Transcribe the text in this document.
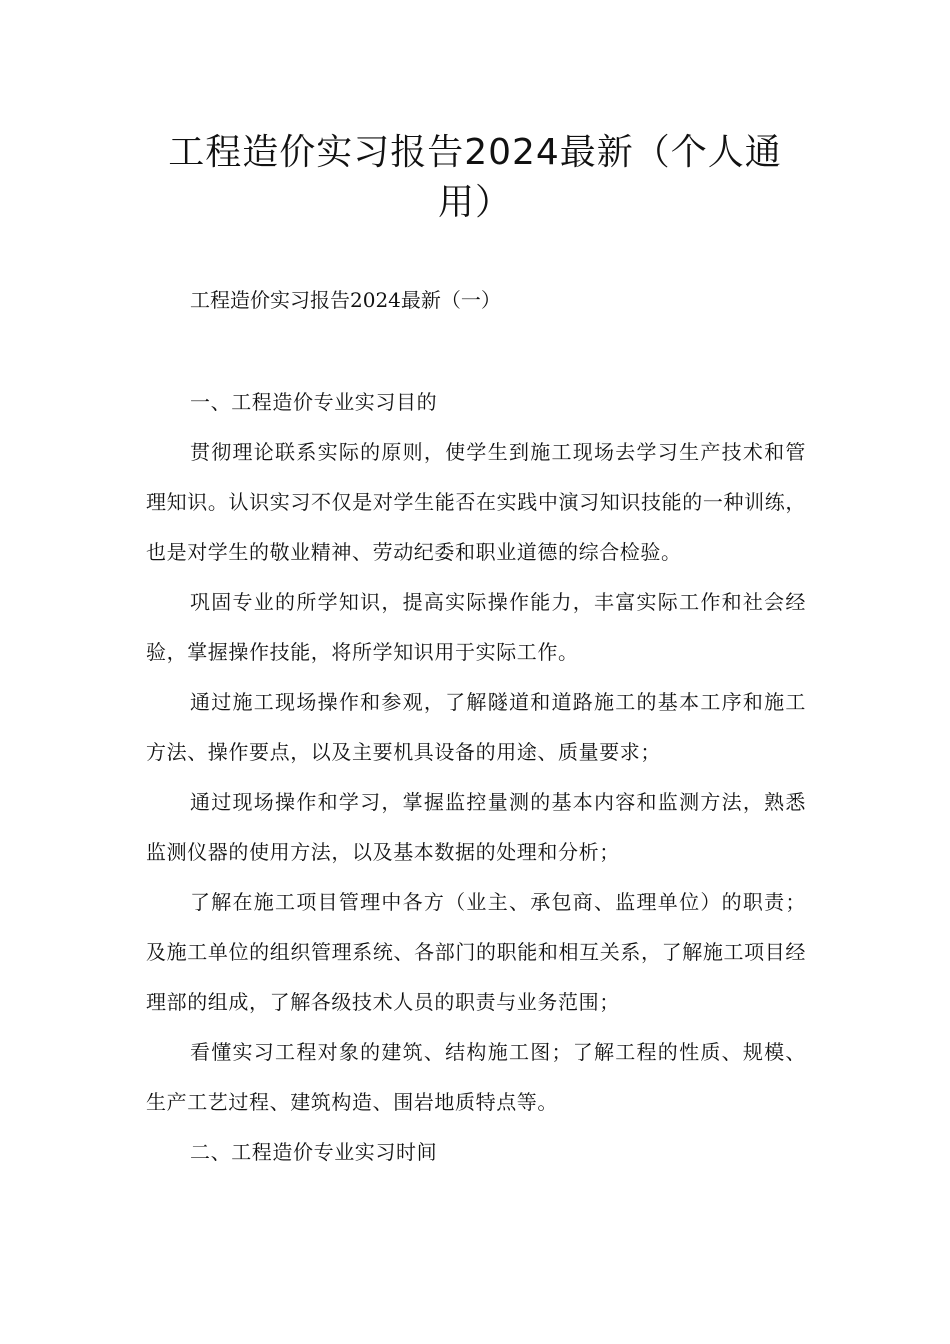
工程造价实习报告2024最新（个人通用）

工程造价实习报告2024最新（一）

一、工程造价专业实习目的

贯彻理论联系实际的原则，使学生到施工现场去学习生产技术和管理知识。认识实习不仅是对学生能否在实践中演习知识技能的一种训练，也是对学生的敬业精神、劳动纪委和职业道德的综合检验。

巩固专业的所学知识，提高实际操作能力，丰富实际工作和社会经验，掌握操作技能，将所学知识用于实际工作。

通过施工现场操作和参观，了解隧道和道路施工的基本工序和施工方法、操作要点，以及主要机具设备的用途、质量要求；

通过现场操作和学习，掌握监控量测的基本内容和监测方法，熟悉监测仪器的使用方法，以及基本数据的处理和分析；

了解在施工项目管理中各方（业主、承包商、监理单位）的职责；及施工单位的组织管理系统、各部门的职能和相互关系，了解施工项目经理部的组成，了解各级技术人员的职责与业务范围；

看懂实习工程对象的建筑、结构施工图；了解工程的性质、规模、生产工艺过程、建筑构造、围岩地质特点等。

二、工程造价专业实习时间
